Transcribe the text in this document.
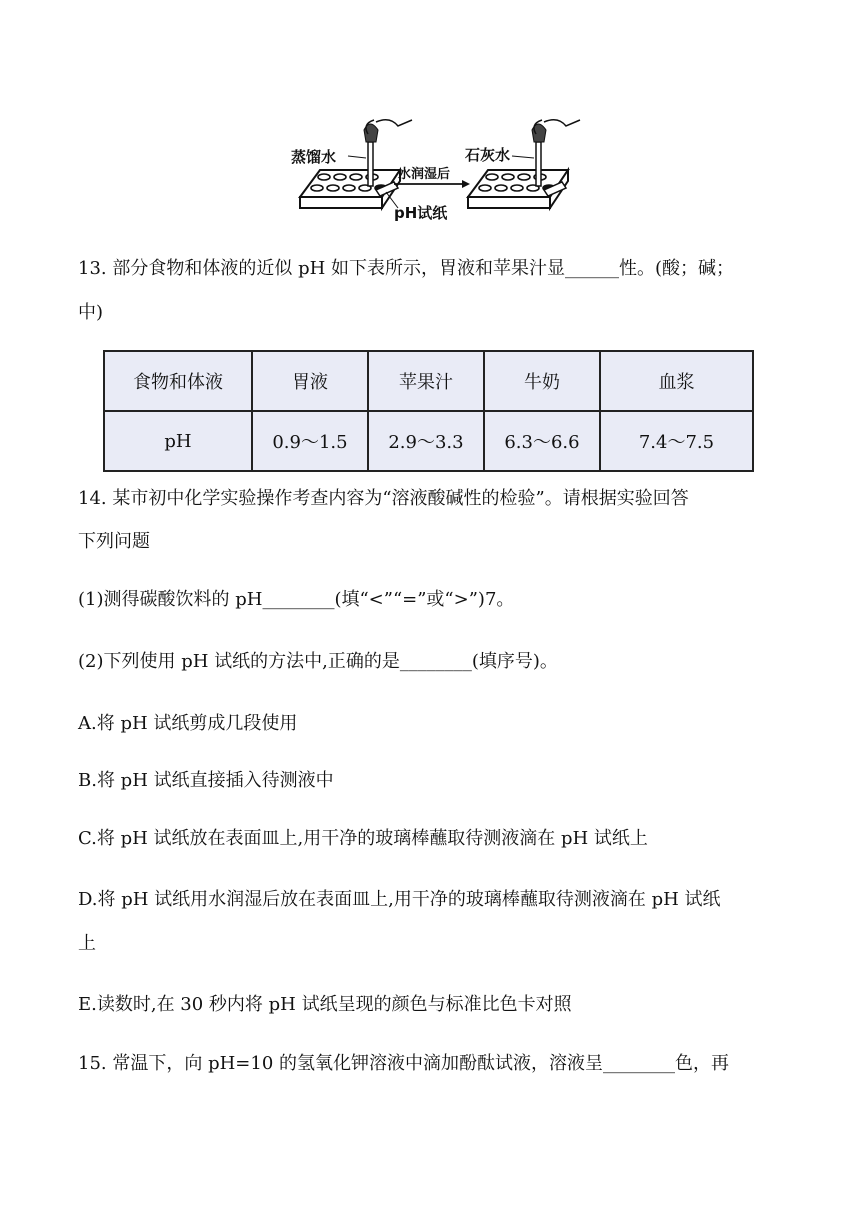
蒸馏水
pH试纸
水润湿后
石灰水
13. 部分食物和体液的近似 pH 如下表所示，胃液和苹果汁显______性。(酸；碱；
中)
食物和体液	胃液	苹果汁	牛奶	血浆
pH	0.9～1.5	2.9～3.3	6.3～6.6	7.4～7.5
14. 某市初中化学实验操作考查内容为“溶液酸碱性的检验”。请根据实验回答
下列问题
(1)测得碳酸饮料的 pH________(填“<”“=”或“>”)7。
(2)下列使用 pH 试纸的方法中,正确的是________(填序号)。
A.将 pH 试纸剪成几段使用
B.将 pH 试纸直接插入待测液中
C.将 pH 试纸放在表面皿上,用干净的玻璃棒蘸取待测液滴在 pH 试纸上
D.将 pH 试纸用水润湿后放在表面皿上,用干净的玻璃棒蘸取待测液滴在 pH 试纸
上
E.读数时,在 30 秒内将 pH 试纸呈现的颜色与标准比色卡对照
15. 常温下，向 pH=10 的氢氧化钾溶液中滴加酚酞试液，溶液呈________色，再
